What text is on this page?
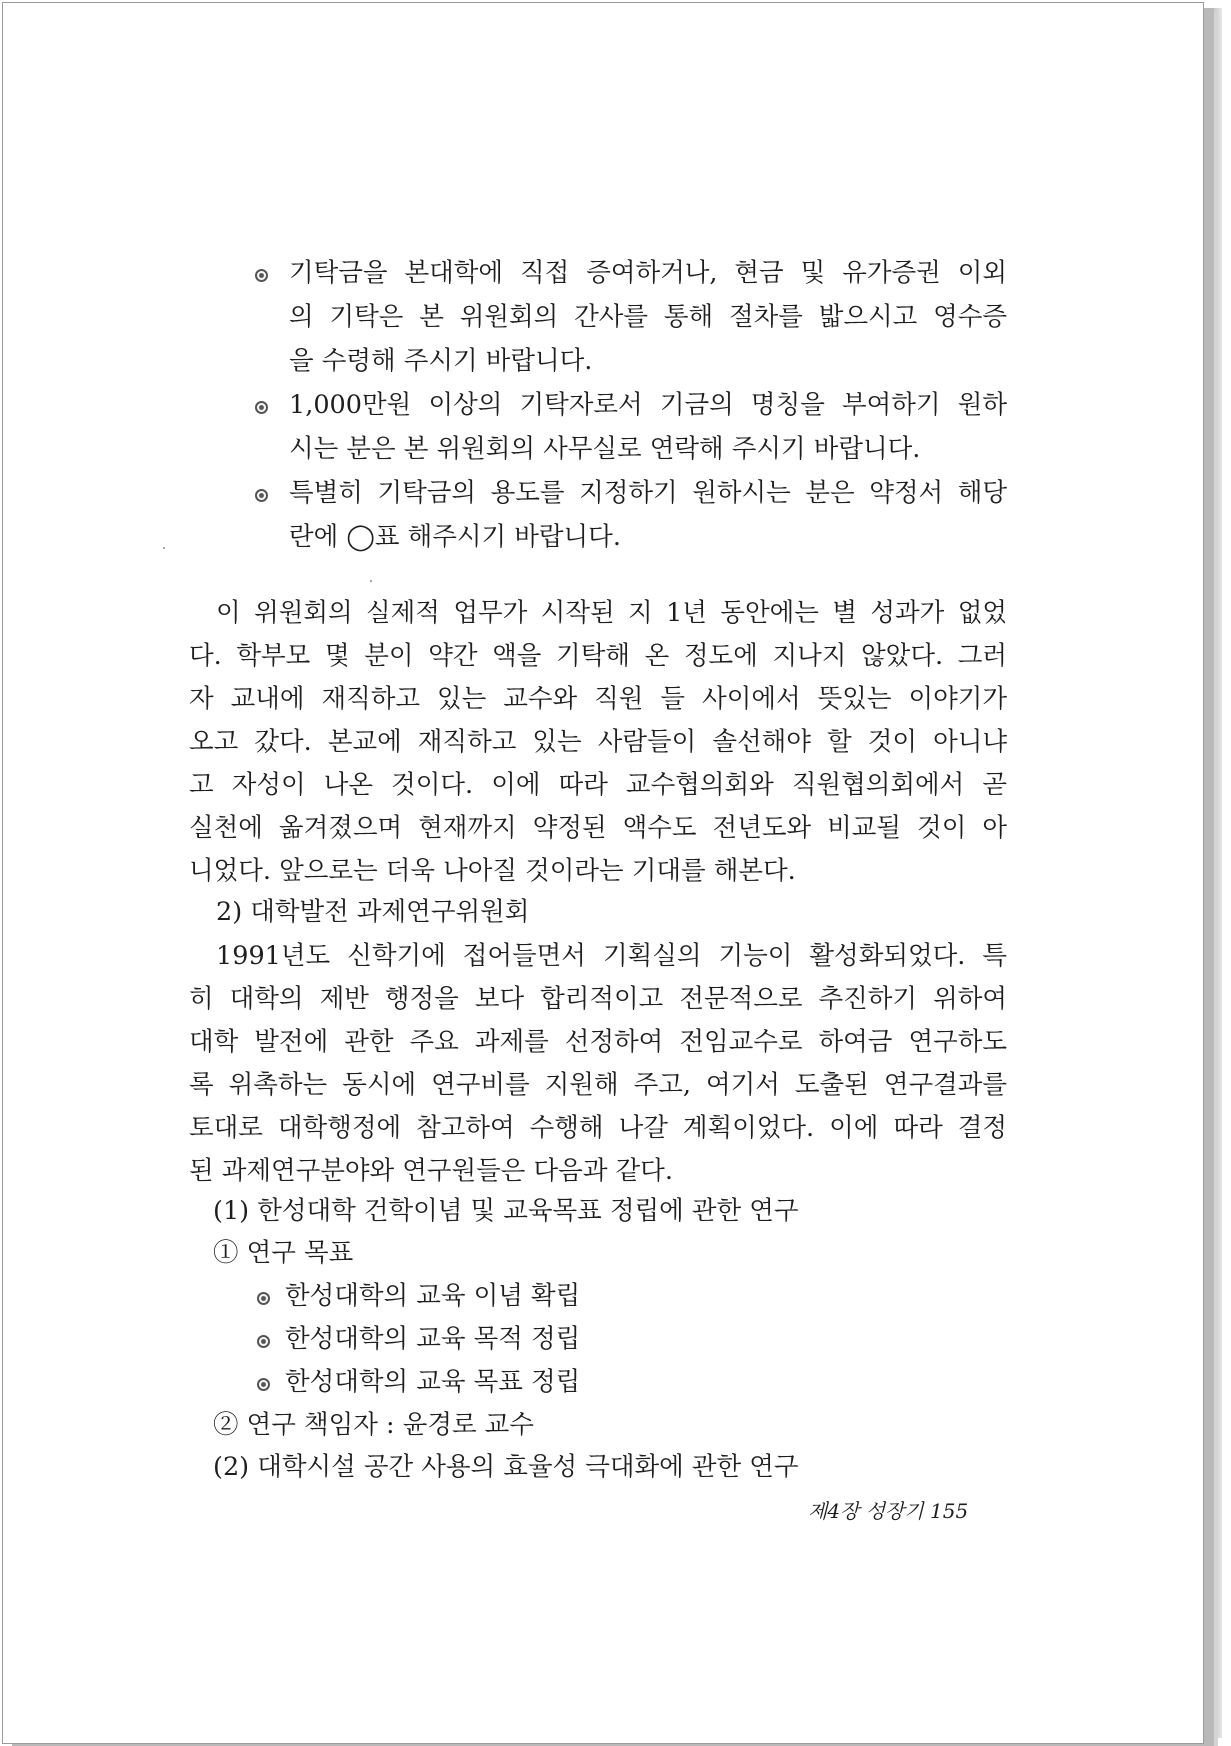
기탁금을 본대학에 직접 증여하거나, 현금 및 유가증권 이외
의 기탁은 본 위원회의 간사를 통해 절차를 밟으시고 영수증
을 수령해 주시기 바랍니다.
1,000만원 이상의 기탁자로서 기금의 명칭을 부여하기 원하
시는 분은 본 위원회의 사무실로 연락해 주시기 바랍니다.
특별히 기탁금의 용도를 지정하기 원하시는 분은 약정서 해당
란에 ◯표 해주시기 바랍니다.
이 위원회의 실제적 업무가 시작된 지 1년 동안에는 별 성과가 없었
다. 학부모 몇 분이 약간 액을 기탁해 온 정도에 지나지 않았다. 그러
자 교내에 재직하고 있는 교수와 직원 들 사이에서 뜻있는 이야기가
오고 갔다. 본교에 재직하고 있는 사람들이 솔선해야 할 것이 아니냐
고 자성이 나온 것이다. 이에 따라 교수협의회와 직원협의회에서 곧
실천에 옮겨졌으며 현재까지 약정된 액수도 전년도와 비교될 것이 아
니었다. 앞으로는 더욱 나아질 것이라는 기대를 해본다.
2) 대학발전 과제연구위원회
1991년도 신학기에 접어들면서 기획실의 기능이 활성화되었다. 특
히 대학의 제반 행정을 보다 합리적이고 전문적으로 추진하기 위하여
대학 발전에 관한 주요 과제를 선정하여 전임교수로 하여금 연구하도
록 위촉하는 동시에 연구비를 지원해 주고, 여기서 도출된 연구결과를
토대로 대학행정에 참고하여 수행해 나갈 계획이었다. 이에 따라 결정
된 과제연구분야와 연구원들은 다음과 같다.
(1) 한성대학 건학이념 및 교육목표 정립에 관한 연구
① 연구 목표
한성대학의 교육 이념 확립
한성대학의 교육 목적 정립
한성대학의 교육 목표 정립
② 연구 책임자 : 윤경로 교수
(2) 대학시설 공간 사용의 효율성 극대화에 관한 연구
제4장 성장기 155
